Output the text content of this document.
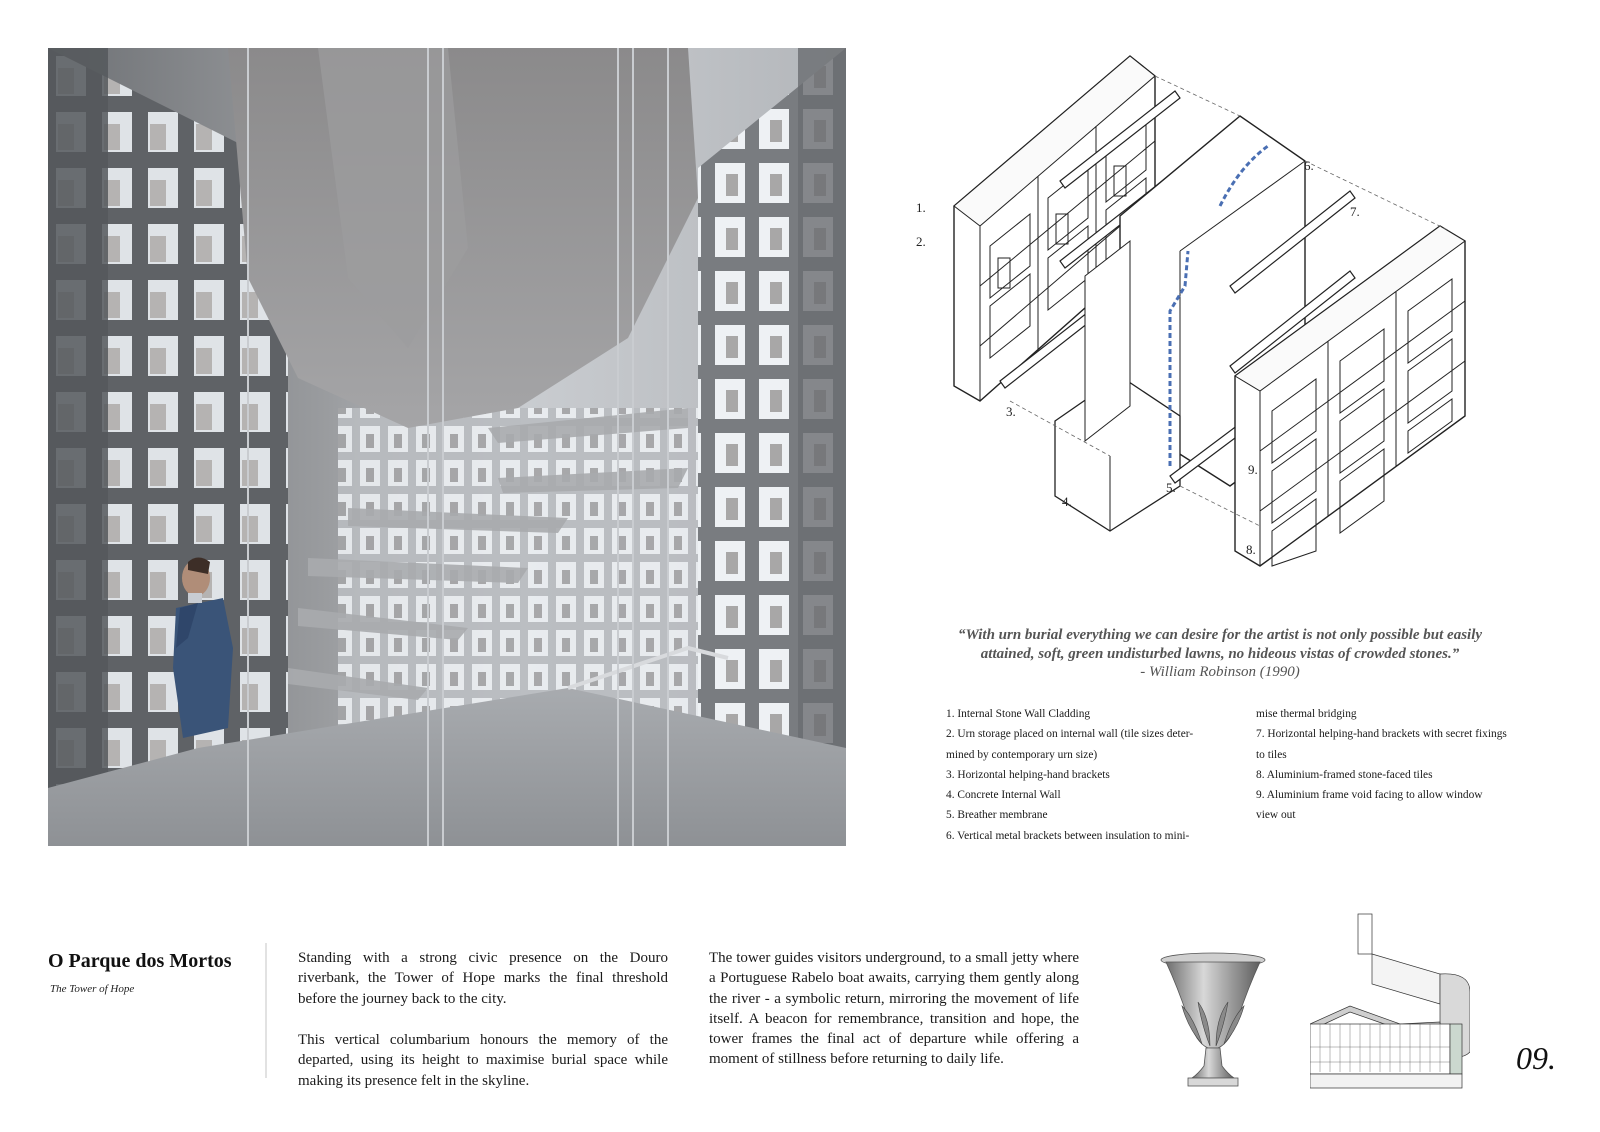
1.
2.
3.
4.
5.
6.
7.
8.
9.
“With urn burial everything we can desire for the artist is not only possible but easily
attained, soft, green undisturbed lawns, no hideous vistas of crowded stones.”
- William Robinson (1990)
1. Internal Stone Wall Cladding
2. Urn storage placed on internal wall (tile sizes deter-
mined by contemporary urn size)
3. Horizontal helping-hand brackets
4. Concrete Internal Wall
5. Breather membrane
6. Vertical metal brackets between insulation to mini-
mise thermal bridging
7. Horizontal helping-hand brackets with secret fixings
to tiles
8. Aluminium-framed stone-faced tiles
9. Aluminium frame void facing to allow window
view out
O Parque dos Mortos
The Tower of Hope
Standing with a strong civic presence on the Douro riverbank, the Tower of Hope marks the final threshold before the journey back to the city.
This vertical columbarium honours the memory of the departed, using its height to maximise burial space while making its presence felt in the skyline.
The tower guides visitors underground, to a small jetty where a Portuguese Rabelo boat awaits, carrying them gently along the river - a symbolic return, mirroring the movement of life itself. A beacon for remembrance, transition and hope, the tower frames the final act of departure while offering a moment of stillness before returning to daily life.	09.
